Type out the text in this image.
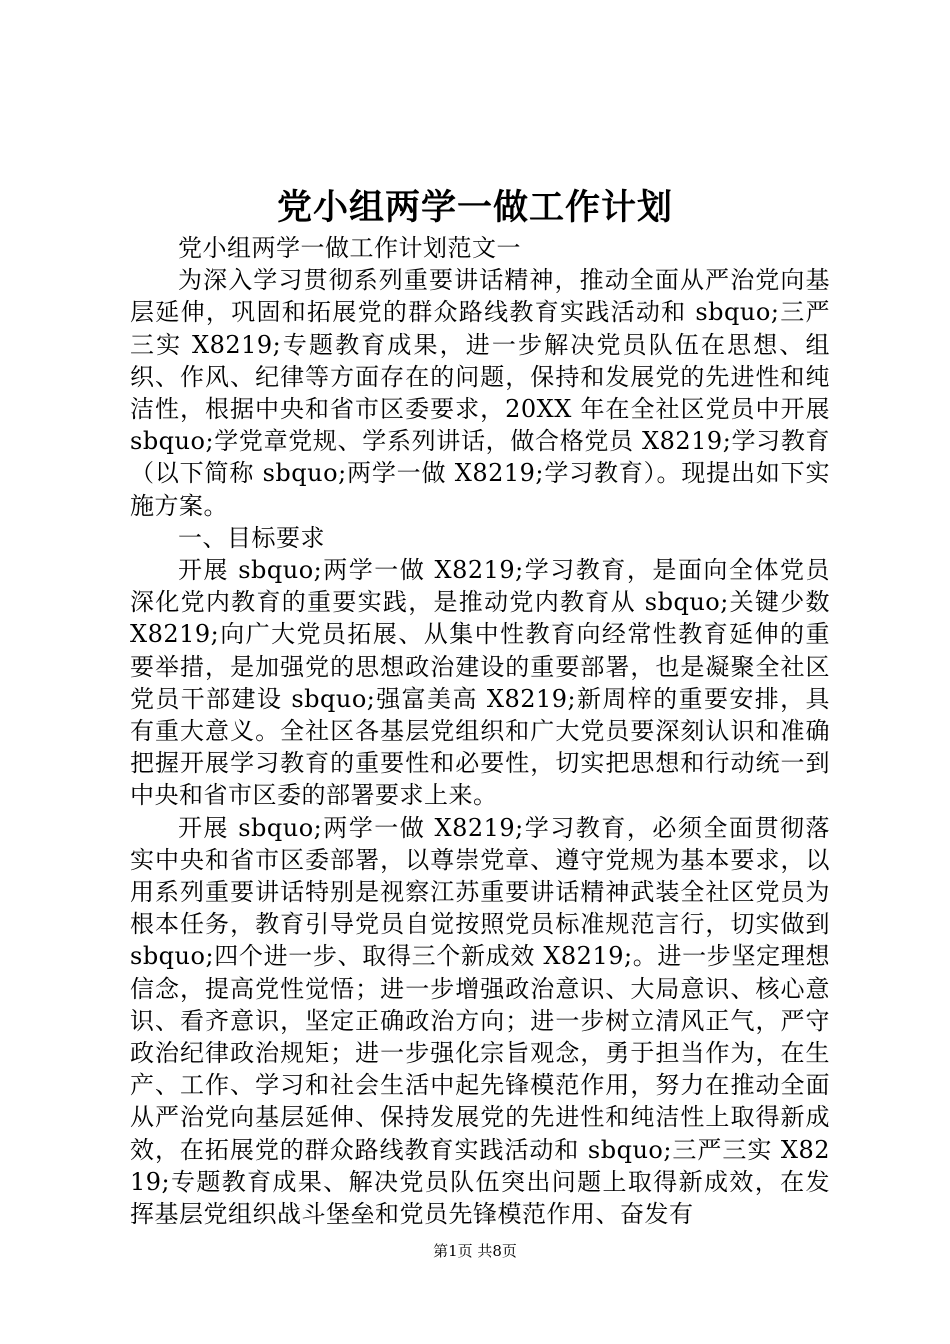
党小组两学一做工作计划

党小组两学一做工作计划范文一

为深入学习贯彻系列重要讲话精神，推动全面从严治党向基层延伸，巩固和拓展党的群众路线教育实践活动和 sbquo;三严三实 X8219;专题教育成果，进一步解决党员队伍在思想、组织、作风、纪律等方面存在的问题，保持和发展党的先进性和纯洁性，根据中央和省市区委要求，20XX 年在全社区党员中开展 sbquo;学党章党规、学系列讲话，做合格党员 X8219;学习教育（以下简称 sbquo;两学一做 X8219;学习教育）。现提出如下实施方案。

一、目标要求

开展 sbquo;两学一做 X8219;学习教育，是面向全体党员深化党内教育的重要实践，是推动党内教育从 sbquo;关键少数 X8219;向广大党员拓展、从集中性教育向经常性教育延伸的重要举措，是加强党的思想政治建设的重要部署，也是凝聚全社区党员干部建设 sbquo;强富美高 X8219;新周梓的重要安排，具有重大意义。全社区各基层党组织和广大党员要深刻认识和准确把握开展学习教育的重要性和必要性，切实把思想和行动统一到中央和省市区委的部署要求上来。

开展 sbquo;两学一做 X8219;学习教育，必须全面贯彻落实中央和省市区委部署，以尊崇党章、遵守党规为基本要求，以用系列重要讲话特别是视察江苏重要讲话精神武装全社区党员为根本任务，教育引导党员自觉按照党员标准规范言行，切实做到 sbquo;四个进一步、取得三个新成效 X8219;。进一步坚定理想信念，提高党性觉悟；进一步增强政治意识、大局意识、核心意识、看齐意识，坚定正确政治方向；进一步树立清风正气，严守政治纪律政治规矩；进一步强化宗旨观念，勇于担当作为，在生产、工作、学习和社会生活中起先锋模范作用，努力在推动全面从严治党向基层延伸、保持发展党的先进性和纯洁性上取得新成效，在拓展党的群众路线教育实践活动和 sbquo;三严三实 X8219;专题教育成果、解决党员队伍突出问题上取得新成效，在发挥基层党组织战斗堡垒和党员先锋模范作用、奋发有

第1页 共8页
